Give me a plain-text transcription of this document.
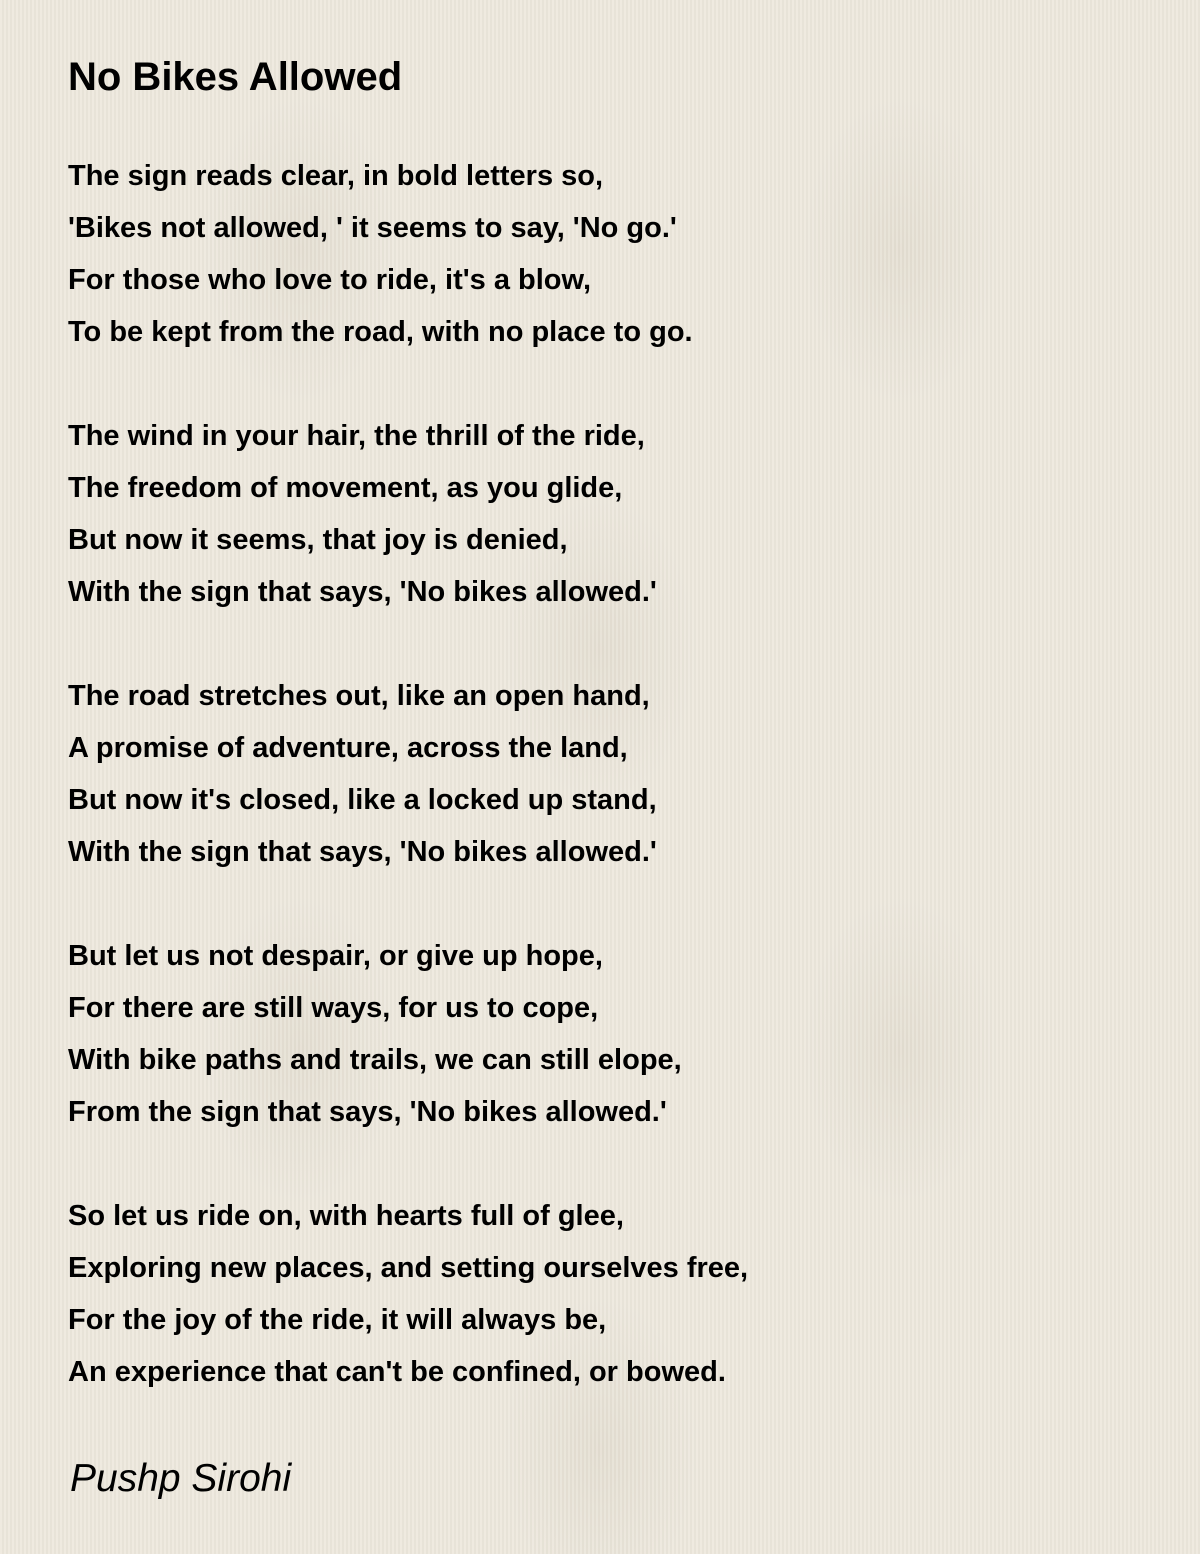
No Bikes Allowed
The sign reads clear, in bold letters so,
'Bikes not allowed, ' it seems to say, 'No go.'
For those who love to ride, it's a blow,
To be kept from the road, with no place to go.
The wind in your hair, the thrill of the ride,
The freedom of movement, as you glide,
But now it seems, that joy is denied,
With the sign that says, 'No bikes allowed.'
The road stretches out, like an open hand,
A promise of adventure, across the land,
But now it's closed, like a locked up stand,
With the sign that says, 'No bikes allowed.'
But let us not despair, or give up hope,
For there are still ways, for us to cope,
With bike paths and trails, we can still elope,
From the sign that says, 'No bikes allowed.'
So let us ride on, with hearts full of glee,
Exploring new places, and setting ourselves free,
For the joy of the ride, it will always be,
An experience that can't be confined, or bowed.

Pushp Sirohi
